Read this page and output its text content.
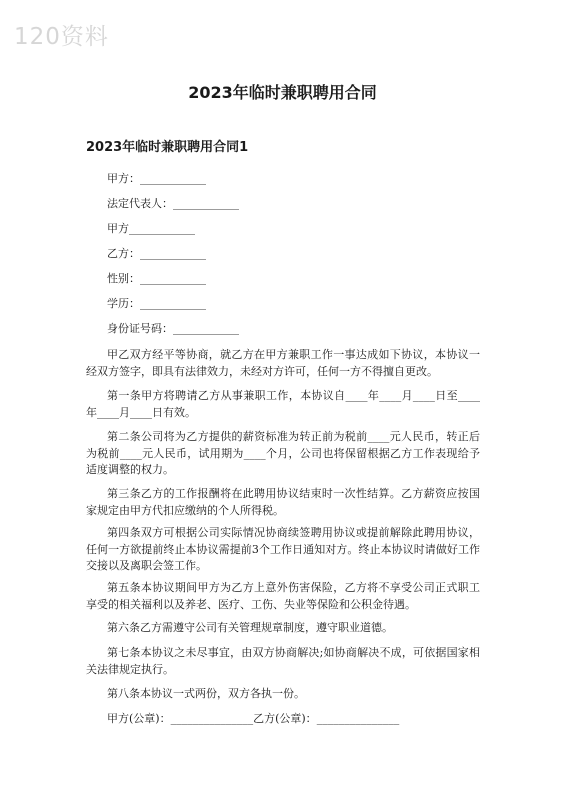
120资料
2023年临时兼职聘用合同
2023年临时兼职聘用合同1
甲方：____________
法定代表人：____________
甲方____________
乙方：____________
性别：____________
学历：____________
身份证号码：____________

甲乙双方经平等协商，就乙方在甲方兼职工作一事达成如下协议，本协议一经双方签字，即具有法律效力，未经对方许可，任何一方不得擅自更改。

第一条甲方将聘请乙方从事兼职工作，本协议自____年____月____日至____年____月____日有效。

第二条公司将为乙方提供的薪资标准为转正前为税前____元人民币，转正后为税前____元人民币，试用期为____个月，公司也将保留根据乙方工作表现给予适度调整的权力。

第三条乙方的工作报酬将在此聘用协议结束时一次性结算。乙方薪资应按国家规定由甲方代扣应缴纳的个人所得税。

第四条双方可根据公司实际情况协商续签聘用协议或提前解除此聘用协议，任何一方欲提前终止本协议需提前3个工作日通知对方。终止本协议时请做好工作交接以及离职会签工作。

第五条本协议期间甲方为乙方上意外伤害保险，乙方将不享受公司正式职工享受的相关福利以及养老、医疗、工伤、失业等保险和公积金待遇。

第六条乙方需遵守公司有关管理规章制度，遵守职业道德。

第七条本协议之未尽事宜，由双方协商解决;如协商解决不成，可依据国家相关法律规定执行。

第八条本协议一式两份，双方各执一份。

甲方(公章)：_______________乙方(公章)：_______________
